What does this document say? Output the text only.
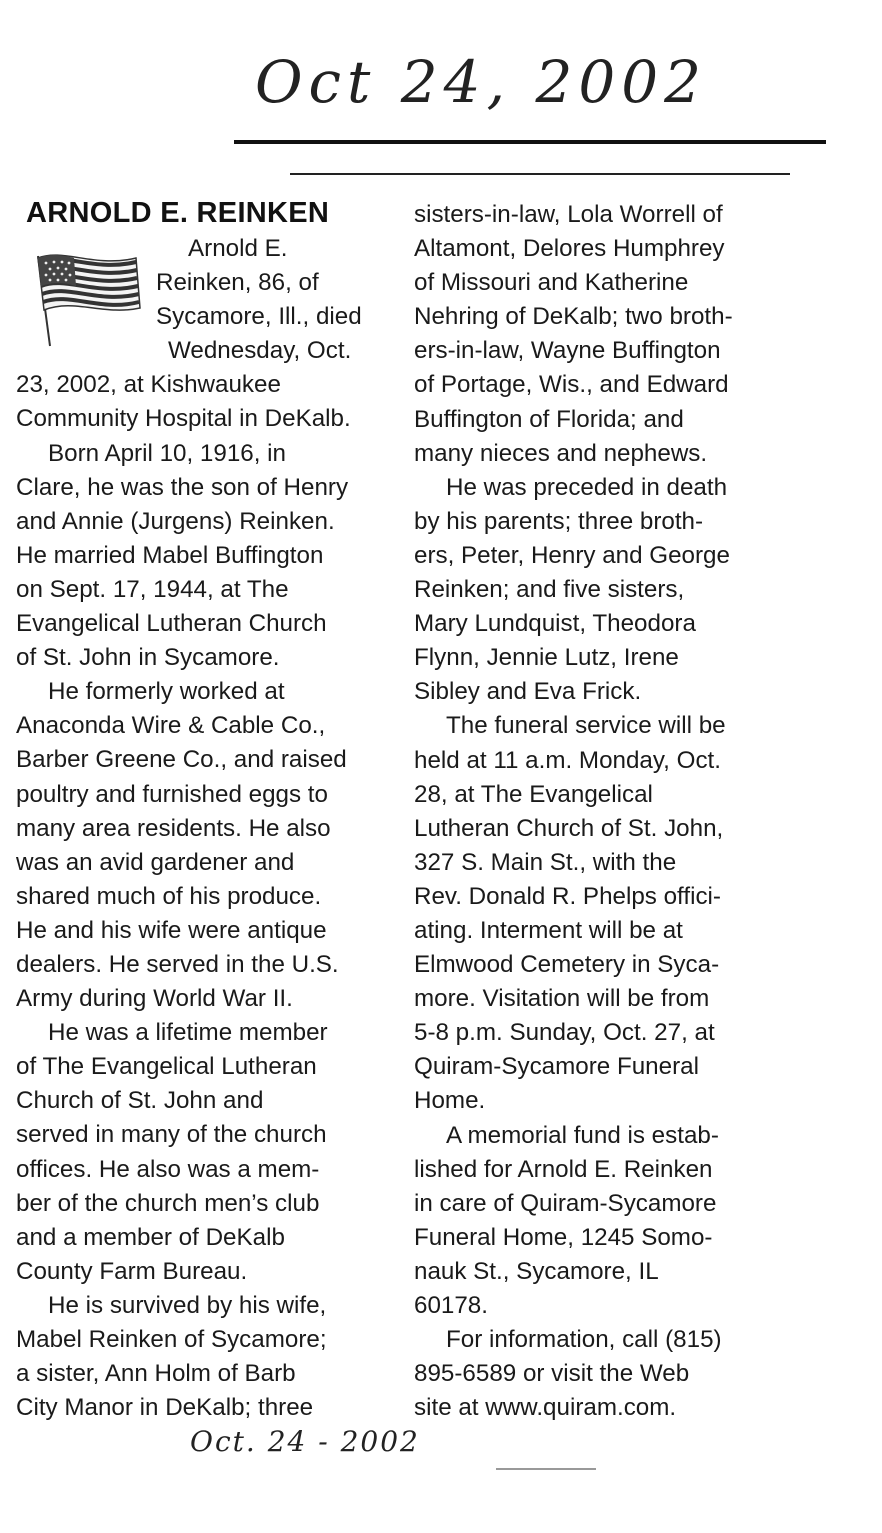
Oct 24, 2002
ARNOLD E. REINKEN
Arnold E.
Reinken, 86, of
Sycamore, Ill., died
Wednesday, Oct.
23, 2002, at Kishwaukee
Community Hospital in DeKalb.
Born April 10, 1916, in
Clare, he was the son of Henry
and Annie (Jurgens) Reinken.
He married Mabel Buffington
on Sept. 17, 1944, at The
Evangelical Lutheran Church
of St. John in Sycamore.
He formerly worked at
Anaconda Wire & Cable Co.,
Barber Greene Co., and raised
poultry and furnished eggs to
many area residents. He also
was an avid gardener and
shared much of his produce.
He and his wife were antique
dealers. He served in the U.S.
Army during World War II.
He was a lifetime member
of The Evangelical Lutheran
Church of St. John and
served in many of the church
offices. He also was a mem-
ber of the church men’s club
and a member of DeKalb
County Farm Bureau.
He is survived by his wife,
Mabel Reinken of Sycamore;
a sister, Ann Holm of Barb
City Manor in DeKalb; three
sisters-in-law, Lola Worrell of
Altamont, Delores Humphrey
of Missouri and Katherine
Nehring of DeKalb; two broth-
ers-in-law, Wayne Buffington
of Portage, Wis., and Edward
Buffington of Florida; and
many nieces and nephews.
He was preceded in death
by his parents; three broth-
ers, Peter, Henry and George
Reinken; and five sisters,
Mary Lundquist, Theodora
Flynn, Jennie Lutz, Irene
Sibley and Eva Frick.
The funeral service will be
held at 11 a.m. Monday, Oct.
28, at The Evangelical
Lutheran Church of St. John,
327 S. Main St., with the
Rev. Donald R. Phelps offici-
ating. Interment will be at
Elmwood Cemetery in Syca-
more. Visitation will be from
5-8 p.m. Sunday, Oct. 27, at
Quiram-Sycamore Funeral
Home.
A memorial fund is estab-
lished for Arnold E. Reinken
in care of Quiram-Sycamore
Funeral Home, 1245 Somo-
nauk St., Sycamore, IL
60178.
For information, call (815)
895-6589 or visit the Web
site at www.quiram.com.
Oct. 24 - 2002
